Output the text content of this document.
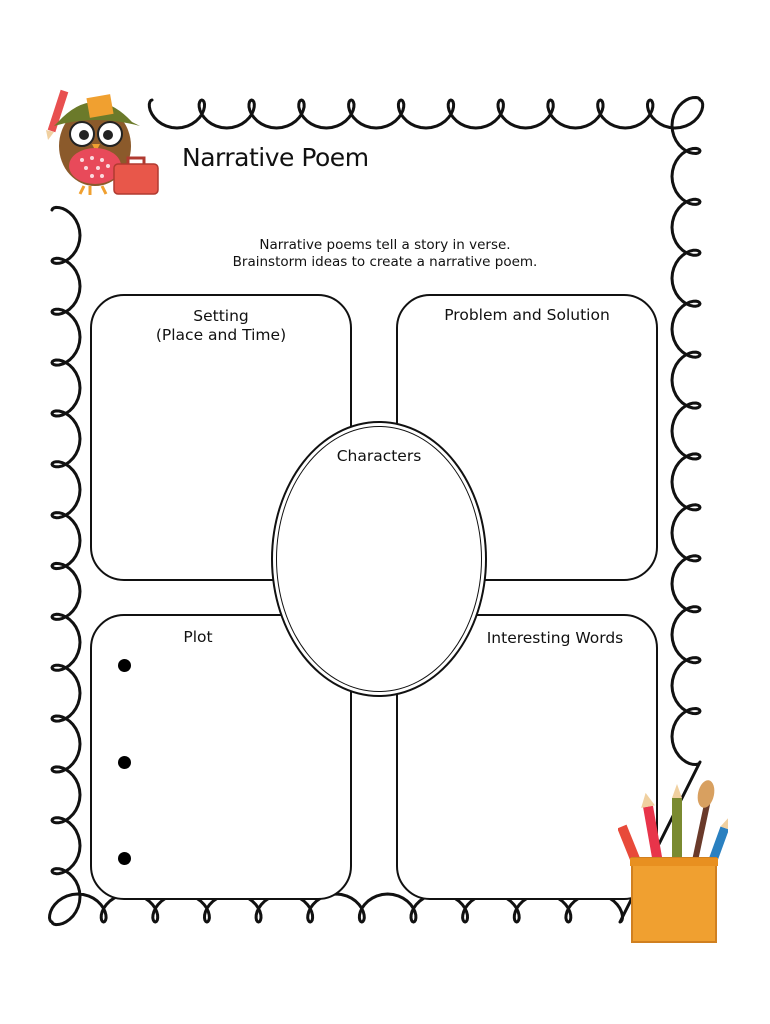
Narrative Poem
Narrative poems tell a story in verse.
Brainstorm ideas to create a narrative poem.
Setting
(Place and Time)
Problem and Solution
Plot	Interesting Words
Characters
